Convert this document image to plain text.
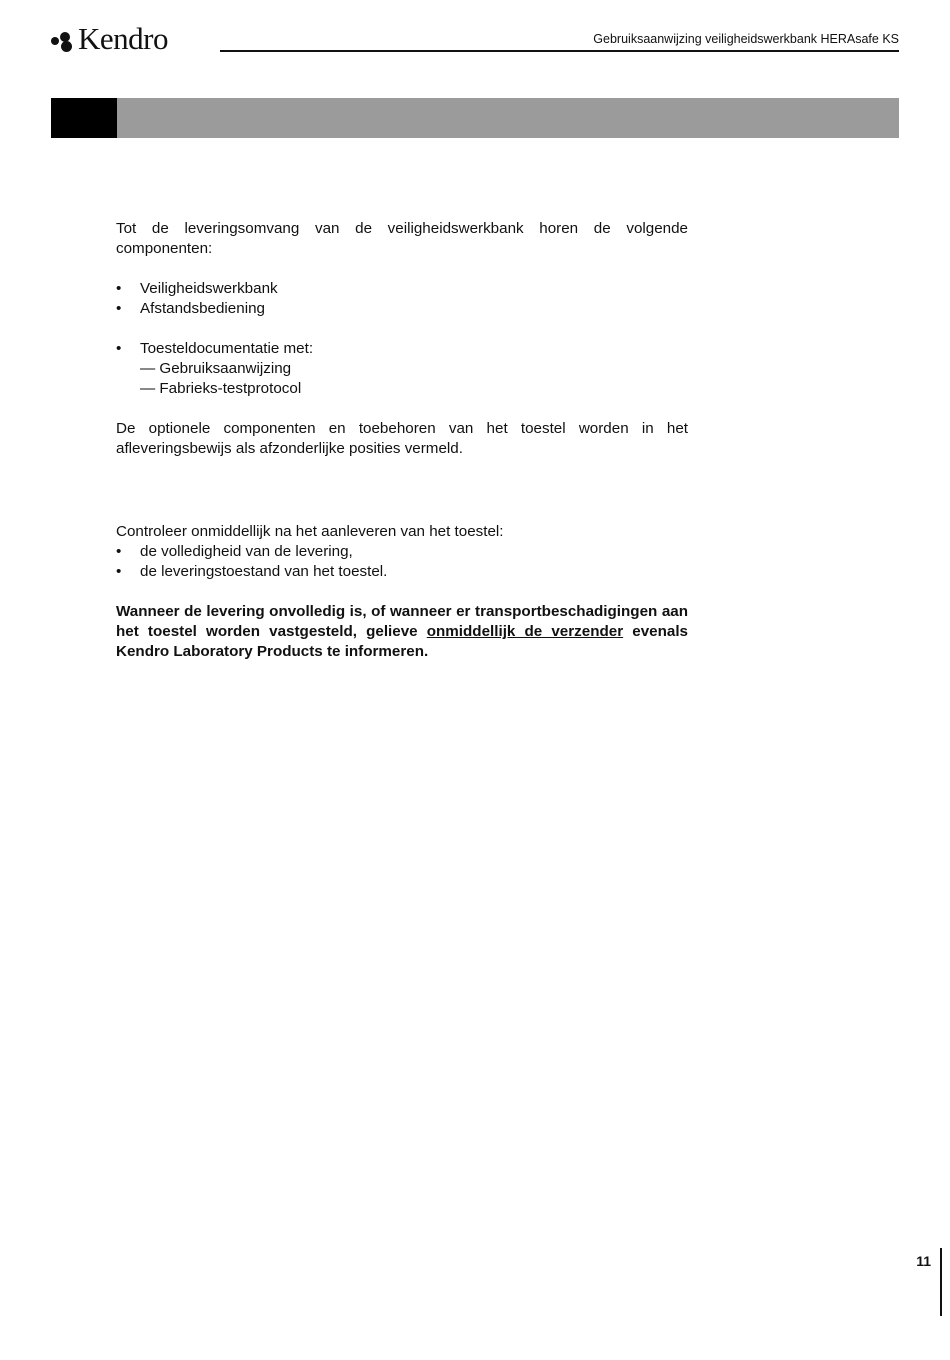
Kendro	Gebruiksaanwijzing veiligheidswerkbank HERAsafe KS

Tot de leveringsomvang van de veiligheidswerkbank horen de volgende componenten:

• Veiligheidswerkbank
• Afstandsbediening
• Toesteldocumentatie met:
— Gebruiksaanwijzing
— Fabrieks-testprotocol

De optionele componenten en toebehoren van het toestel worden in het afleveringsbewijs als afzonderlijke posities vermeld.

Controleer onmiddellijk na het aanleveren van het toestel:

• de volledigheid van de levering,
• de leveringstoestand van het toestel.

Wanneer de levering onvolledig is, of wanneer er transportbeschadigingen aan het toestel worden vastgesteld, gelieve onmiddellijk de verzender evenals Kendro Laboratory Products te informeren.

11
